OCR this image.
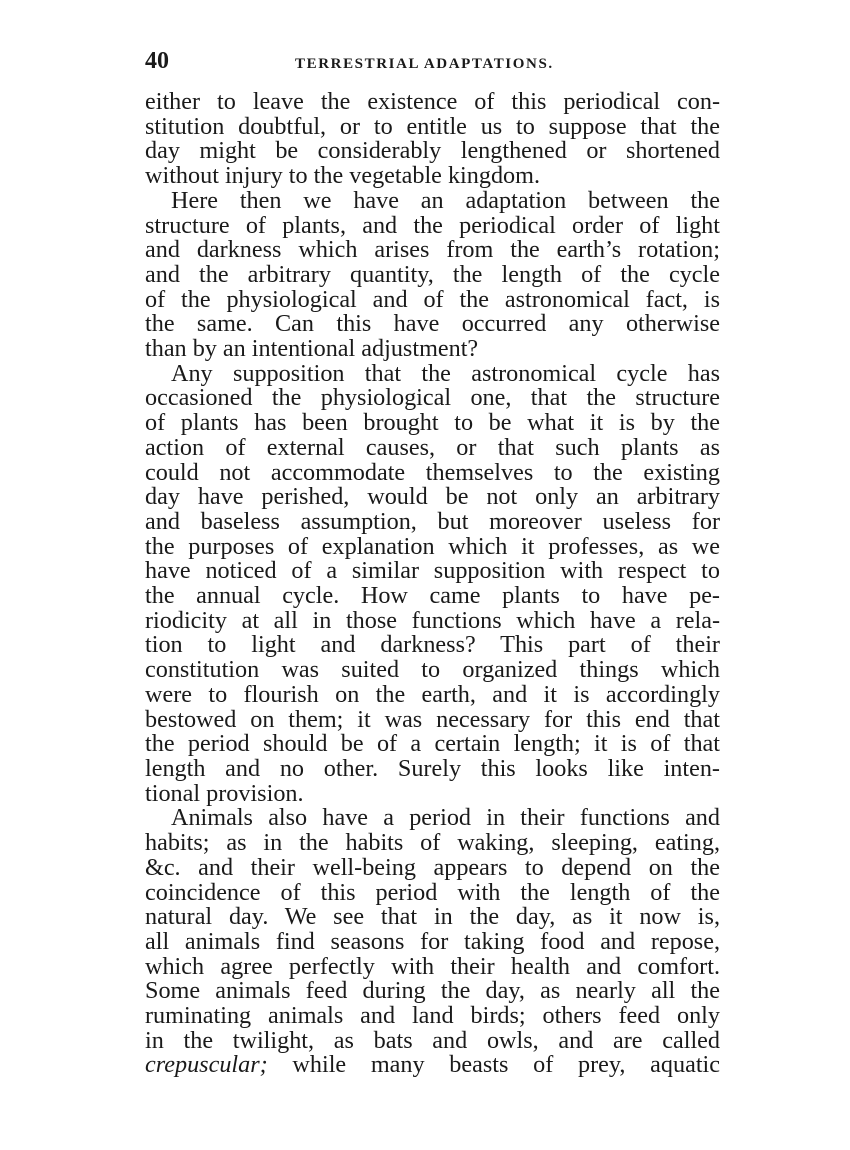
40	TERRESTRIAL ADAPTATIONS.
either to leave the existence of this periodical con-
stitution doubtful, or to entitle us to suppose that the
day might be considerably lengthened or shortened
without injury to the vegetable kingdom.
Here then we have an adaptation between the
structure of plants, and the periodical order of light
and darkness which arises from the earth’s rotation;
and the arbitrary quantity, the length of the cycle
of the physiological and of the astronomical fact, is
the same. Can this have occurred any otherwise
than by an intentional adjustment?
Any supposition that the astronomical cycle has
occasioned the physiological one, that the structure
of plants has been brought to be what it is by the
action of external causes, or that such plants as
could not accommodate themselves to the existing
day have perished, would be not only an arbitrary
and baseless assumption, but moreover useless for
the purposes of explanation which it professes, as we
have noticed of a similar supposition with respect to
the annual cycle. How came plants to have pe-
riodicity at all in those functions which have a rela-
tion to light and darkness? This part of their
constitution was suited to organized things which
were to flourish on the earth, and it is accordingly
bestowed on them; it was necessary for this end that
the period should be of a certain length; it is of that
length and no other. Surely this looks like inten-
tional provision.
Animals also have a period in their functions and
habits; as in the habits of waking, sleeping, eating,
&c. and their well-being appears to depend on the
coincidence of this period with the length of the
natural day. We see that in the day, as it now is,
all animals find seasons for taking food and repose,
which agree perfectly with their health and comfort.
Some animals feed during the day, as nearly all the
ruminating animals and land birds; others feed only
in the twilight, as bats and owls, and are called
crepuscular; while many beasts of prey, aquatic
